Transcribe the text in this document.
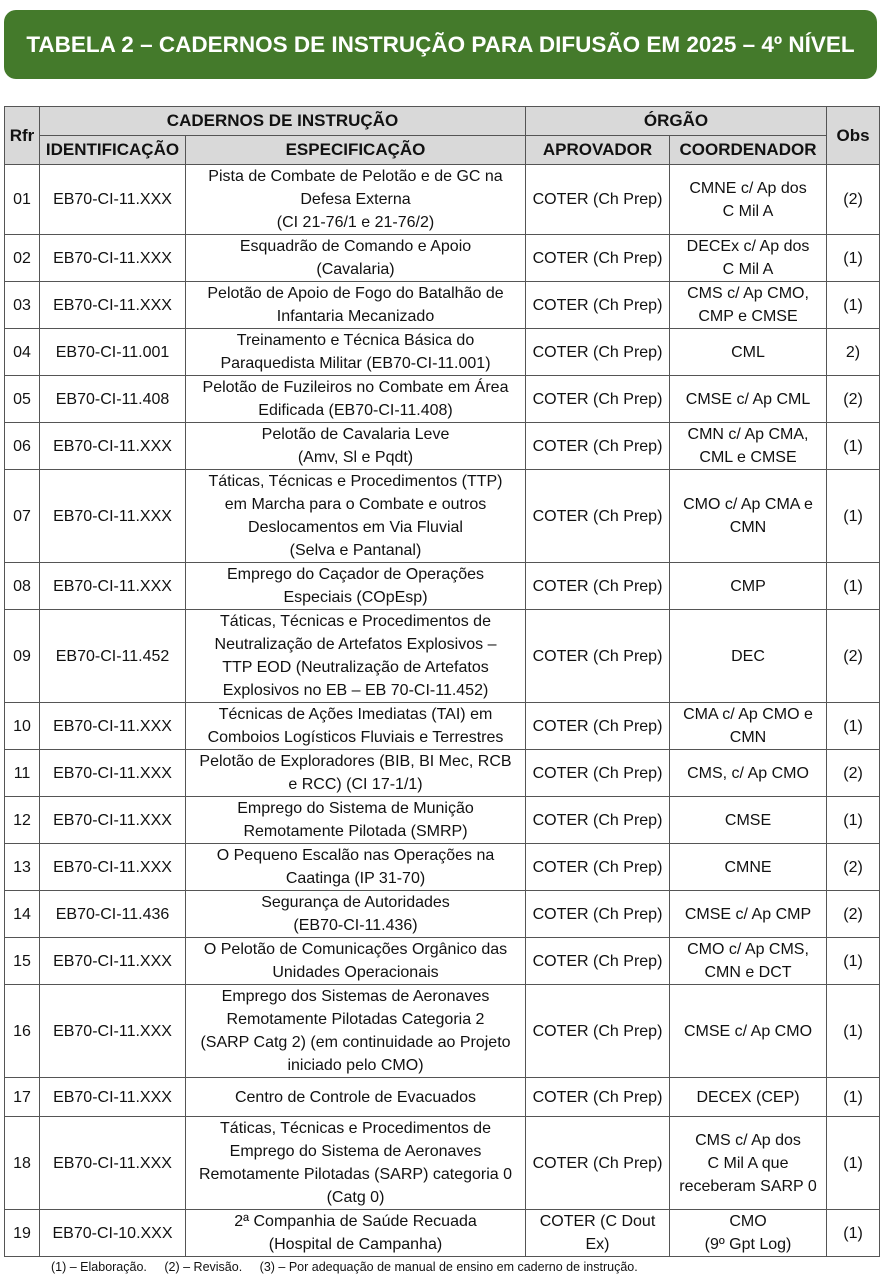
TABELA 2 – CADERNOS DE INSTRUÇÃO PARA DIFUSÃO EM 2025 – 4º NÍVEL
Rfr	CADERNOS DE INSTRUÇÃO		ÓRGÃO		Obs
	IDENTIFICAÇÃO	ESPECIFICAÇÃO	APROVADOR	COORDENADOR	
01	EB70-CI-11.XXX	Pista de Combate de Pelotão e de GC na
Defesa Externa
(CI 21-76/1 e 21-76/2)	COTER (Ch Prep)	CMNE c/ Ap dos
C Mil A	(2)
02	EB70-CI-11.XXX	Esquadrão de Comando e Apoio
(Cavalaria)	COTER (Ch Prep)	DECEx c/ Ap dos
C Mil A	(1)
03	EB70-CI-11.XXX	Pelotão de Apoio de Fogo do Batalhão de
Infantaria Mecanizado	COTER (Ch Prep)	CMS c/ Ap CMO,
CMP e CMSE	(1)
04	EB70-CI-11.001	Treinamento e Técnica Básica do
Paraquedista Militar (EB70-CI-11.001)	COTER (Ch Prep)	CML	2)
05	EB70-CI-11.408	Pelotão de Fuzileiros no Combate em Área
Edificada (EB70-CI-11.408)	COTER (Ch Prep)	CMSE c/ Ap CML	(2)
06	EB70-CI-11.XXX	Pelotão de Cavalaria Leve
(Amv, Sl e Pqdt)	COTER (Ch Prep)	CMN c/ Ap CMA,
CML e CMSE	(1)
07	EB70-CI-11.XXX	Táticas, Técnicas e Procedimentos (TTP)
em Marcha para o Combate e outros
Deslocamentos em Via Fluvial
(Selva e Pantanal)	COTER (Ch Prep)	CMO c/ Ap CMA e
CMN	(1)
08	EB70-CI-11.XXX	Emprego do Caçador de Operações
Especiais (COpEsp)	COTER (Ch Prep)	CMP	(1)
09	EB70-CI-11.452	Táticas, Técnicas e Procedimentos de
Neutralização de Artefatos Explosivos –
TTP EOD (Neutralização de Artefatos
Explosivos no EB – EB 70-CI-11.452)	COTER (Ch Prep)	DEC	(2)
10	EB70-CI-11.XXX	Técnicas de Ações Imediatas (TAI) em
Comboios Logísticos Fluviais e Terrestres	COTER (Ch Prep)	CMA c/ Ap CMO e
CMN	(1)
11	EB70-CI-11.XXX	Pelotão de Exploradores (BIB, BI Mec, RCB
e RCC) (CI 17-1/1)	COTER (Ch Prep)	CMS, c/ Ap CMO	(2)
12	EB70-CI-11.XXX	Emprego do Sistema de Munição
Remotamente Pilotada (SMRP)	COTER (Ch Prep)	CMSE	(1)
13	EB70-CI-11.XXX	O Pequeno Escalão nas Operações na
Caatinga (IP 31-70)	COTER (Ch Prep)	CMNE	(2)
14	EB70-CI-11.436	Segurança de Autoridades
(EB70-CI-11.436)	COTER (Ch Prep)	CMSE c/ Ap CMP	(2)
15	EB70-CI-11.XXX	O Pelotão de Comunicações Orgânico das
Unidades Operacionais	COTER (Ch Prep)	CMO c/ Ap CMS,
CMN e DCT	(1)
16	EB70-CI-11.XXX	Emprego dos Sistemas de Aeronaves
Remotamente Pilotadas Categoria 2
(SARP Catg 2) (em continuidade ao Projeto
iniciado pelo CMO)	COTER (Ch Prep)	CMSE c/ Ap CMO	(1)
17	EB70-CI-11.XXX	Centro de Controle de Evacuados	COTER (Ch Prep)	DECEX (CEP)	(1)
18	EB70-CI-11.XXX	Táticas, Técnicas e Procedimentos de
Emprego do Sistema de Aeronaves
Remotamente Pilotadas (SARP) categoria 0
(Catg 0)	COTER (Ch Prep)	CMS c/ Ap dos
C Mil A que
receberam SARP 0	(1)
19	EB70-CI-10.XXX	2ª Companhia de Saúde Recuada
(Hospital de Campanha)	COTER (C Dout
Ex)	CMO
(9º Gpt Log)	(1)
(1) – Elaboração. (2) – Revisão. (3) – Por adequação de manual de ensino em caderno de instrução.
